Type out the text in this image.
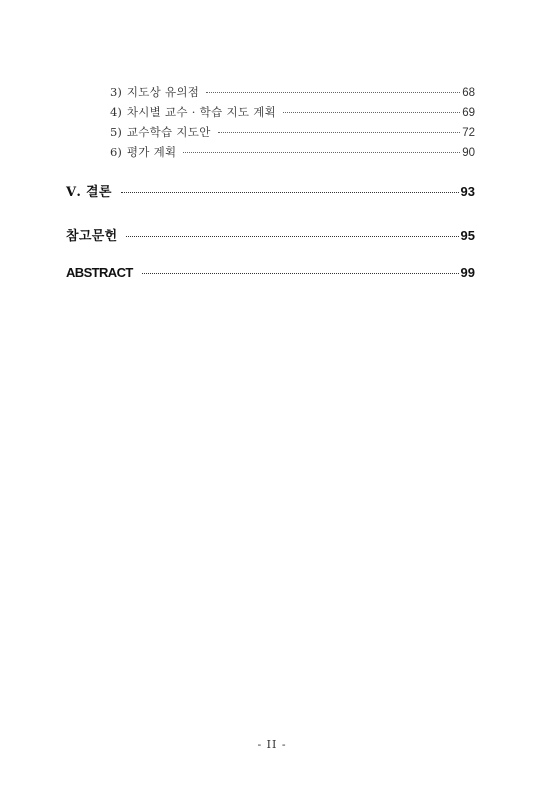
3) 지도상 유의점	68
4) 차시별 교수 · 학습 지도 계획	69
5) 교수학습 지도안	72
6) 평가 계획	90
Ⅴ. 결론	93
참고문헌	95
ABSTRACT	99
- II -
